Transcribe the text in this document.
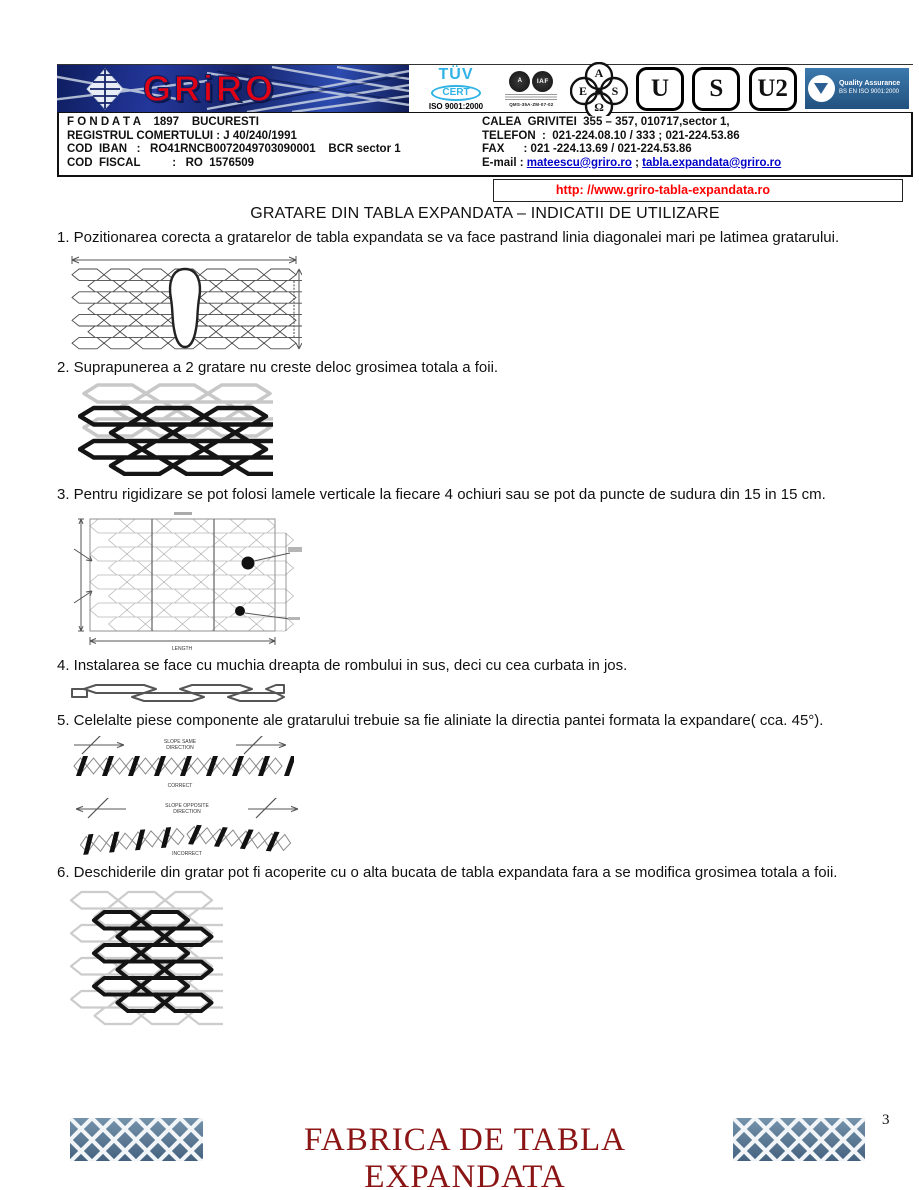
GRiRO	TÜV
CERT
ISO 9001:2000
A	IAF
QMS-35A-ZM-07-02
A
E S
Ω
✳	U	S	U2	Quality Assurance
BS EN ISO 9001:2000
F O N D A T A    1897    BUCURESTI
REGISTRUL COMERTULUI : J 40/240/1991
COD  IBAN   :   RO41RNCB0072049703090001    BCR sector 1
COD  FISCAL          :   RO  1576509
CALEA  GRIVITEI  355 – 357, 010717,sector 1,
TELEFON  :  021-224.08.10 / 333 ; 021-224.53.86
FAX      : 021 -224.13.69 / 021-224.53.86
E-mail : mateescu@griro.ro ; tabla.expandata@griro.ro
http: //www.griro-tabla-expandata.ro
GRATARE DIN TABLA EXPANDATA – INDICATII DE UTILIZARE
1. Pozitionarea corecta a gratarelor de tabla expandata se va face pastrand linia diagonalei mari pe latimea gratarului.
2. Suprapunerea a 2 gratare nu creste deloc grosimea totala a foii.
3. Pentru rigidizare se pot folosi lamele verticale la fiecare 4 ochiuri sau se pot da puncte de sudura din 15 in 15 cm.
LENGTH
4. Instalarea se face cu muchia dreapta de rombului in sus, deci cu cea curbata in jos.
5. Celelalte piese componente ale gratarului trebuie sa fie aliniate la directia pantei formata la expandare( cca. 45°).
SLOPE SAME
DIRECTION
CORRECT
SLOPE OPPOSITE
DIRECTION
INCORRECT
6. Deschiderile din gratar pot fi acoperite cu o alta bucata de tabla expandata fara a se modifica grosimea totala a foii.
FABRICA DE TABLA EXPANDATA
3
